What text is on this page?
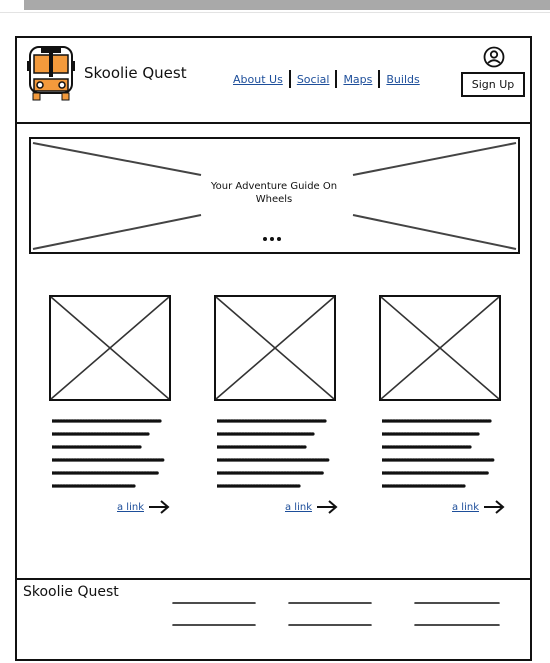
Skoolie Quest	About Us	Social	Maps	Builds	Sign Up
Your Adventure Guide On
Wheels
a link	a link	a link
Skoolie Quest
